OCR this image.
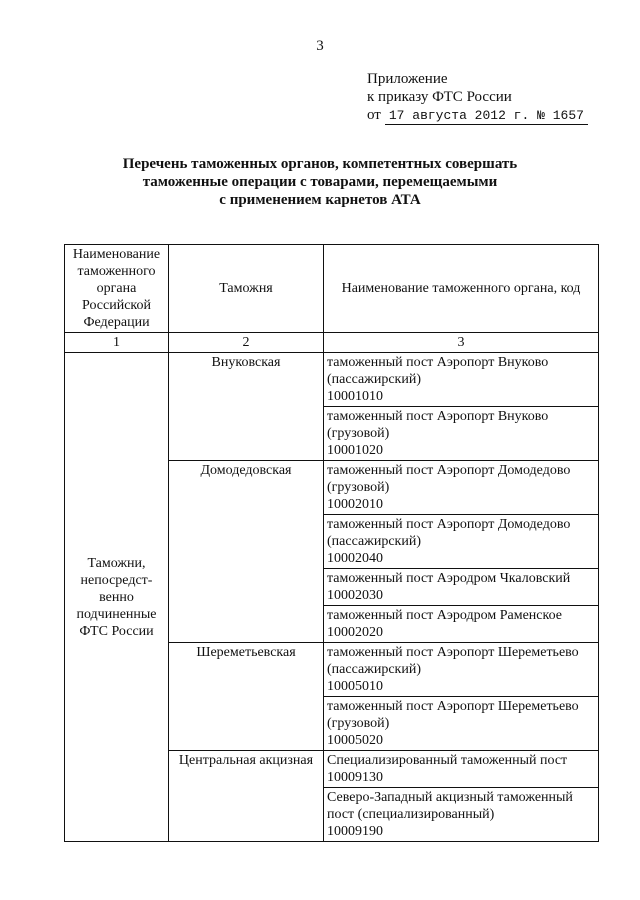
3
Приложение
к приказу ФТС России
от 17 августа 2012 г. № 1657
Перечень таможенных органов, компетентных совершать
таможенные операции с товарами, перемещаемыми
с применением карнетов АТА
Наименование таможенного органа Российской Федерации	Таможня	Наименование таможенного органа, код
1	2	3
Таможни, непосредст-венно подчиненные ФТС России	Внуковская	таможенный пост Аэропорт Внуково (пассажирский)
10001010

		таможенный пост Аэропорт Внуково (грузовой)
10001020

	Домодедовская	таможенный пост Аэропорт Домодедово (грузовой)
10002010

		таможенный пост Аэропорт Домодедово (пассажирский)
10002040

		таможенный пост Аэродром Чкаловский
10002030

		таможенный пост Аэродром Раменское
10002020

	Шереметьевская	таможенный пост Аэропорт Шереметьево (пассажирский)
10005010

		таможенный пост Аэропорт Шереметьево (грузовой)
10005020

	Центральная акцизная	Специализированный таможенный пост
10009130

		Северо-Западный акцизный таможенный пост (специализированный)
10009190
